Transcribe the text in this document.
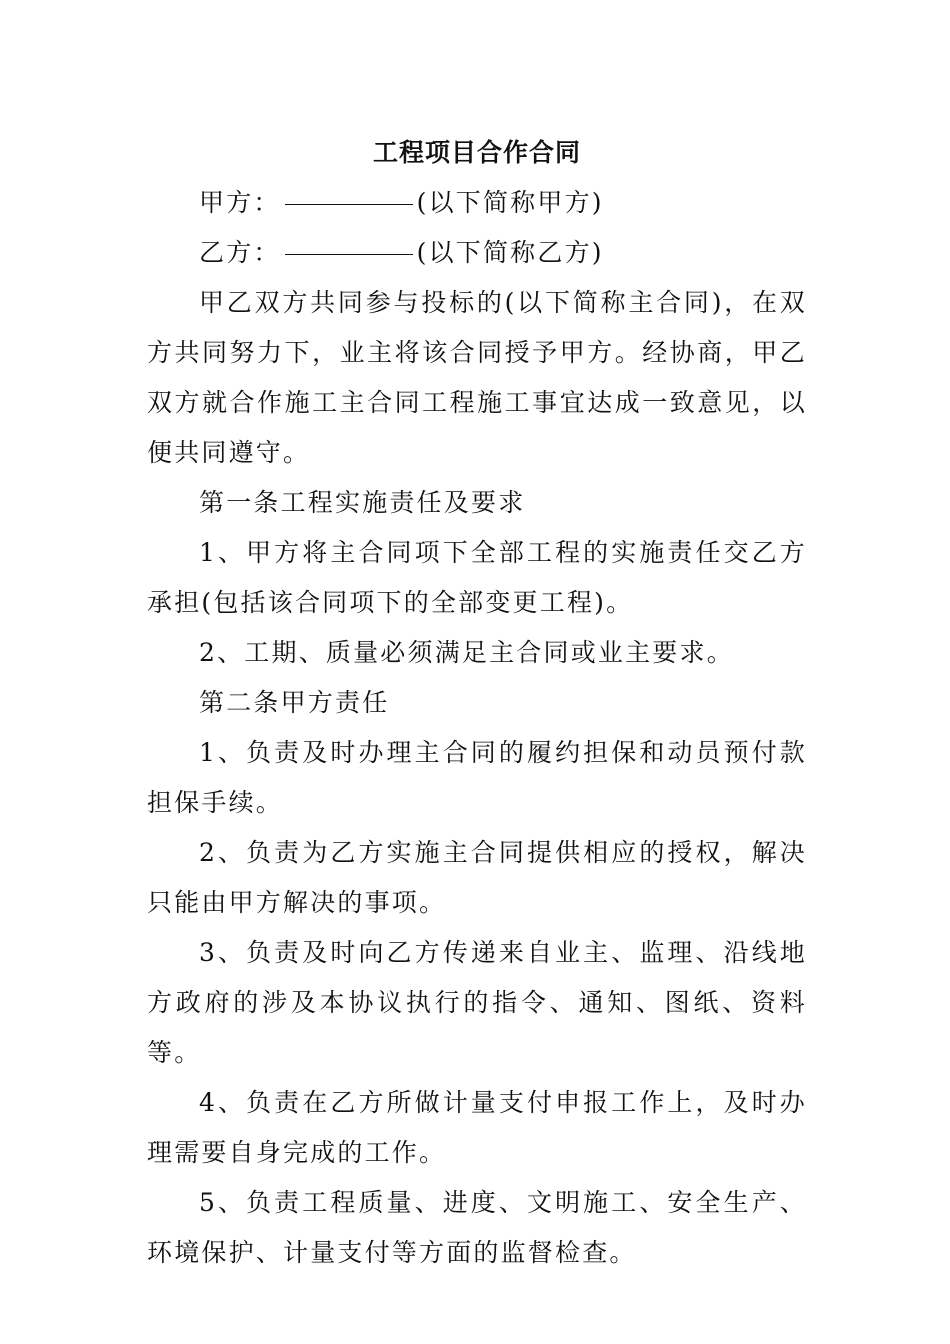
工程项目合作合同

甲方：	(以下简称甲方)

乙方：	(以下简称乙方)

甲乙双方共同参与投标的(以下简称主合同)，在双方共同努力下，业主将该合同授予甲方。经协商，甲乙双方就合作施工主合同工程施工事宜达成一致意见，以便共同遵守。

第一条工程实施责任及要求

1、甲方将主合同项下全部工程的实施责任交乙方承担(包括该合同项下的全部变更工程)。

2、工期、质量必须满足主合同或业主要求。

第二条甲方责任

1、负责及时办理主合同的履约担保和动员预付款担保手续。

2、负责为乙方实施主合同提供相应的授权，解决只能由甲方解决的事项。

3、负责及时向乙方传递来自业主、监理、沿线地方政府的涉及本协议执行的指令、通知、图纸、资料等。

4、负责在乙方所做计量支付申报工作上，及时办理需要自身完成的工作。

5、负责工程质量、进度、文明施工、安全生产、环境保护、计量支付等方面的监督检查。
